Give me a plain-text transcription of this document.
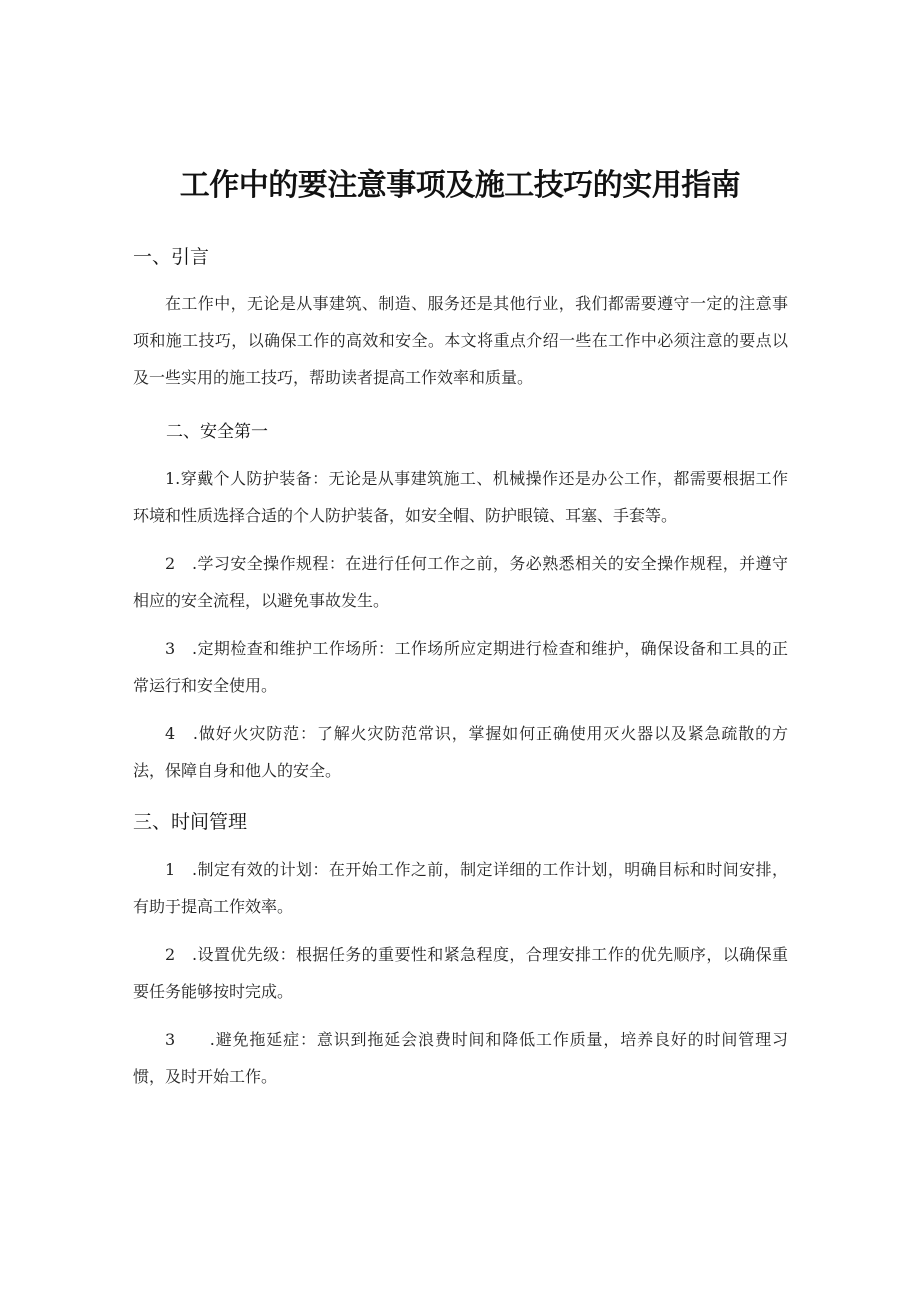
工作中的要注意事项及施工技巧的实用指南
一、引言

在工作中，无论是从事建筑、制造、服务还是其他行业，我们都需要遵守一定的注意事项和施工技巧，以确保工作的高效和安全。本文将重点介绍一些在工作中必须注意的要点以及一些实用的施工技巧，帮助读者提高工作效率和质量。

二、安全第一

1.穿戴个人防护装备：无论是从事建筑施工、机械操作还是办公工作，都需要根据工作环境和性质选择合适的个人防护装备，如安全帽、防护眼镜、耳塞、手套等。

2　.学习安全操作规程：在进行任何工作之前，务必熟悉相关的安全操作规程，并遵守相应的安全流程，以避免事故发生。

3　.定期检查和维护工作场所：工作场所应定期进行检查和维护，确保设备和工具的正常运行和安全使用。

4　.做好火灾防范：了解火灾防范常识，掌握如何正确使用灭火器以及紧急疏散的方法，保障自身和他人的安全。

三、时间管理

1　.制定有效的计划：在开始工作之前，制定详细的工作计划，明确目标和时间安排，有助于提高工作效率。

2　.设置优先级：根据任务的重要性和紧急程度，合理安排工作的优先顺序，以确保重要任务能够按时完成。

3　　.避免拖延症：意识到拖延会浪费时间和降低工作质量，培养良好的时间管理习惯，及时开始工作。
